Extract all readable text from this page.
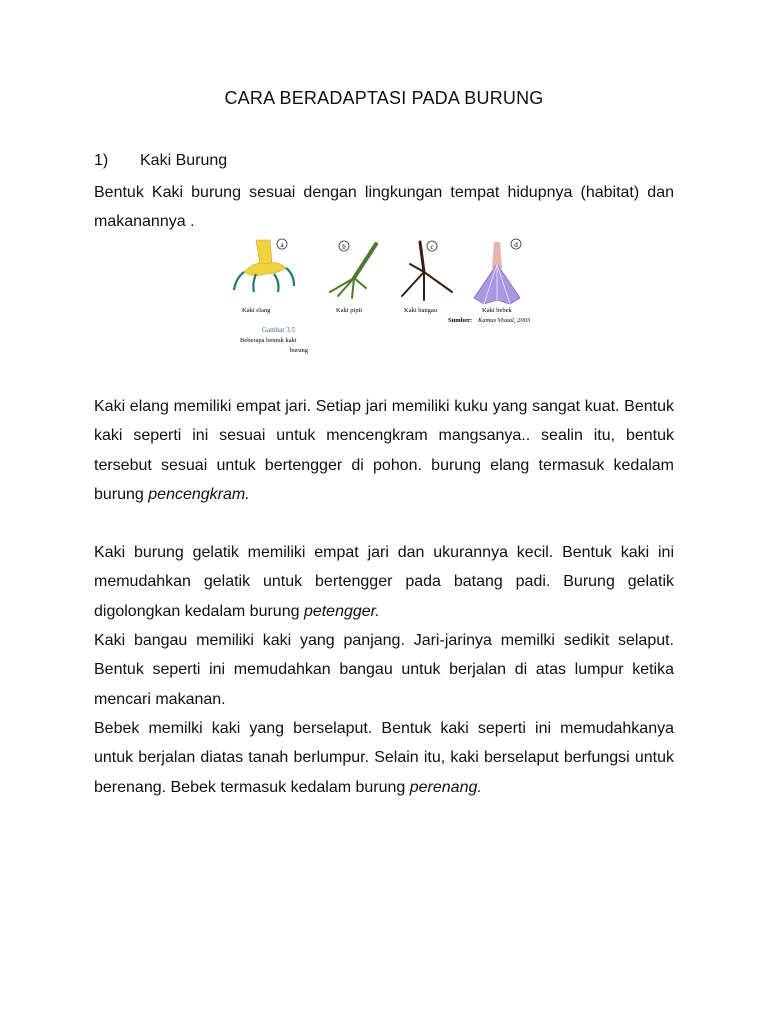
CARA BERADAPTASI PADA BURUNG
1) Kaki Burung

Bentuk Kaki burung sesuai dengan lingkungan tempat hidupnya (habitat) dan makanannya .

a
Kaki elang
b
Kaki pipit
c
Kaki bangau
d
Kaki bebek
Sumber: Kamus Visual, 2003
Gambar 3.5
Beberapa bentuk kaki
burung

Kaki elang memiliki empat jari. Setiap jari memiliki kuku yang sangat kuat. Bentuk kaki seperti ini sesuai untuk mencengkram mangsanya.. sealin itu, bentuk tersebut sesuai untuk bertengger di pohon. burung elang termasuk kedalam burung pencengkram.

Kaki burung gelatik memiliki empat jari dan ukurannya kecil. Bentuk kaki ini memudahkan gelatik untuk bertengger pada batang padi. Burung gelatik digolongkan kedalam burung petengger.

Kaki bangau memiliki kaki yang panjang. Jari-jarinya memilki sedikit selaput. Bentuk seperti ini memudahkan bangau untuk berjalan di atas lumpur ketika mencari makanan.

Bebek memilki kaki yang berselaput. Bentuk kaki seperti ini memudahkanya untuk berjalan diatas tanah berlumpur. Selain itu, kaki berselaput berfungsi untuk berenang. Bebek termasuk kedalam burung perenang.
